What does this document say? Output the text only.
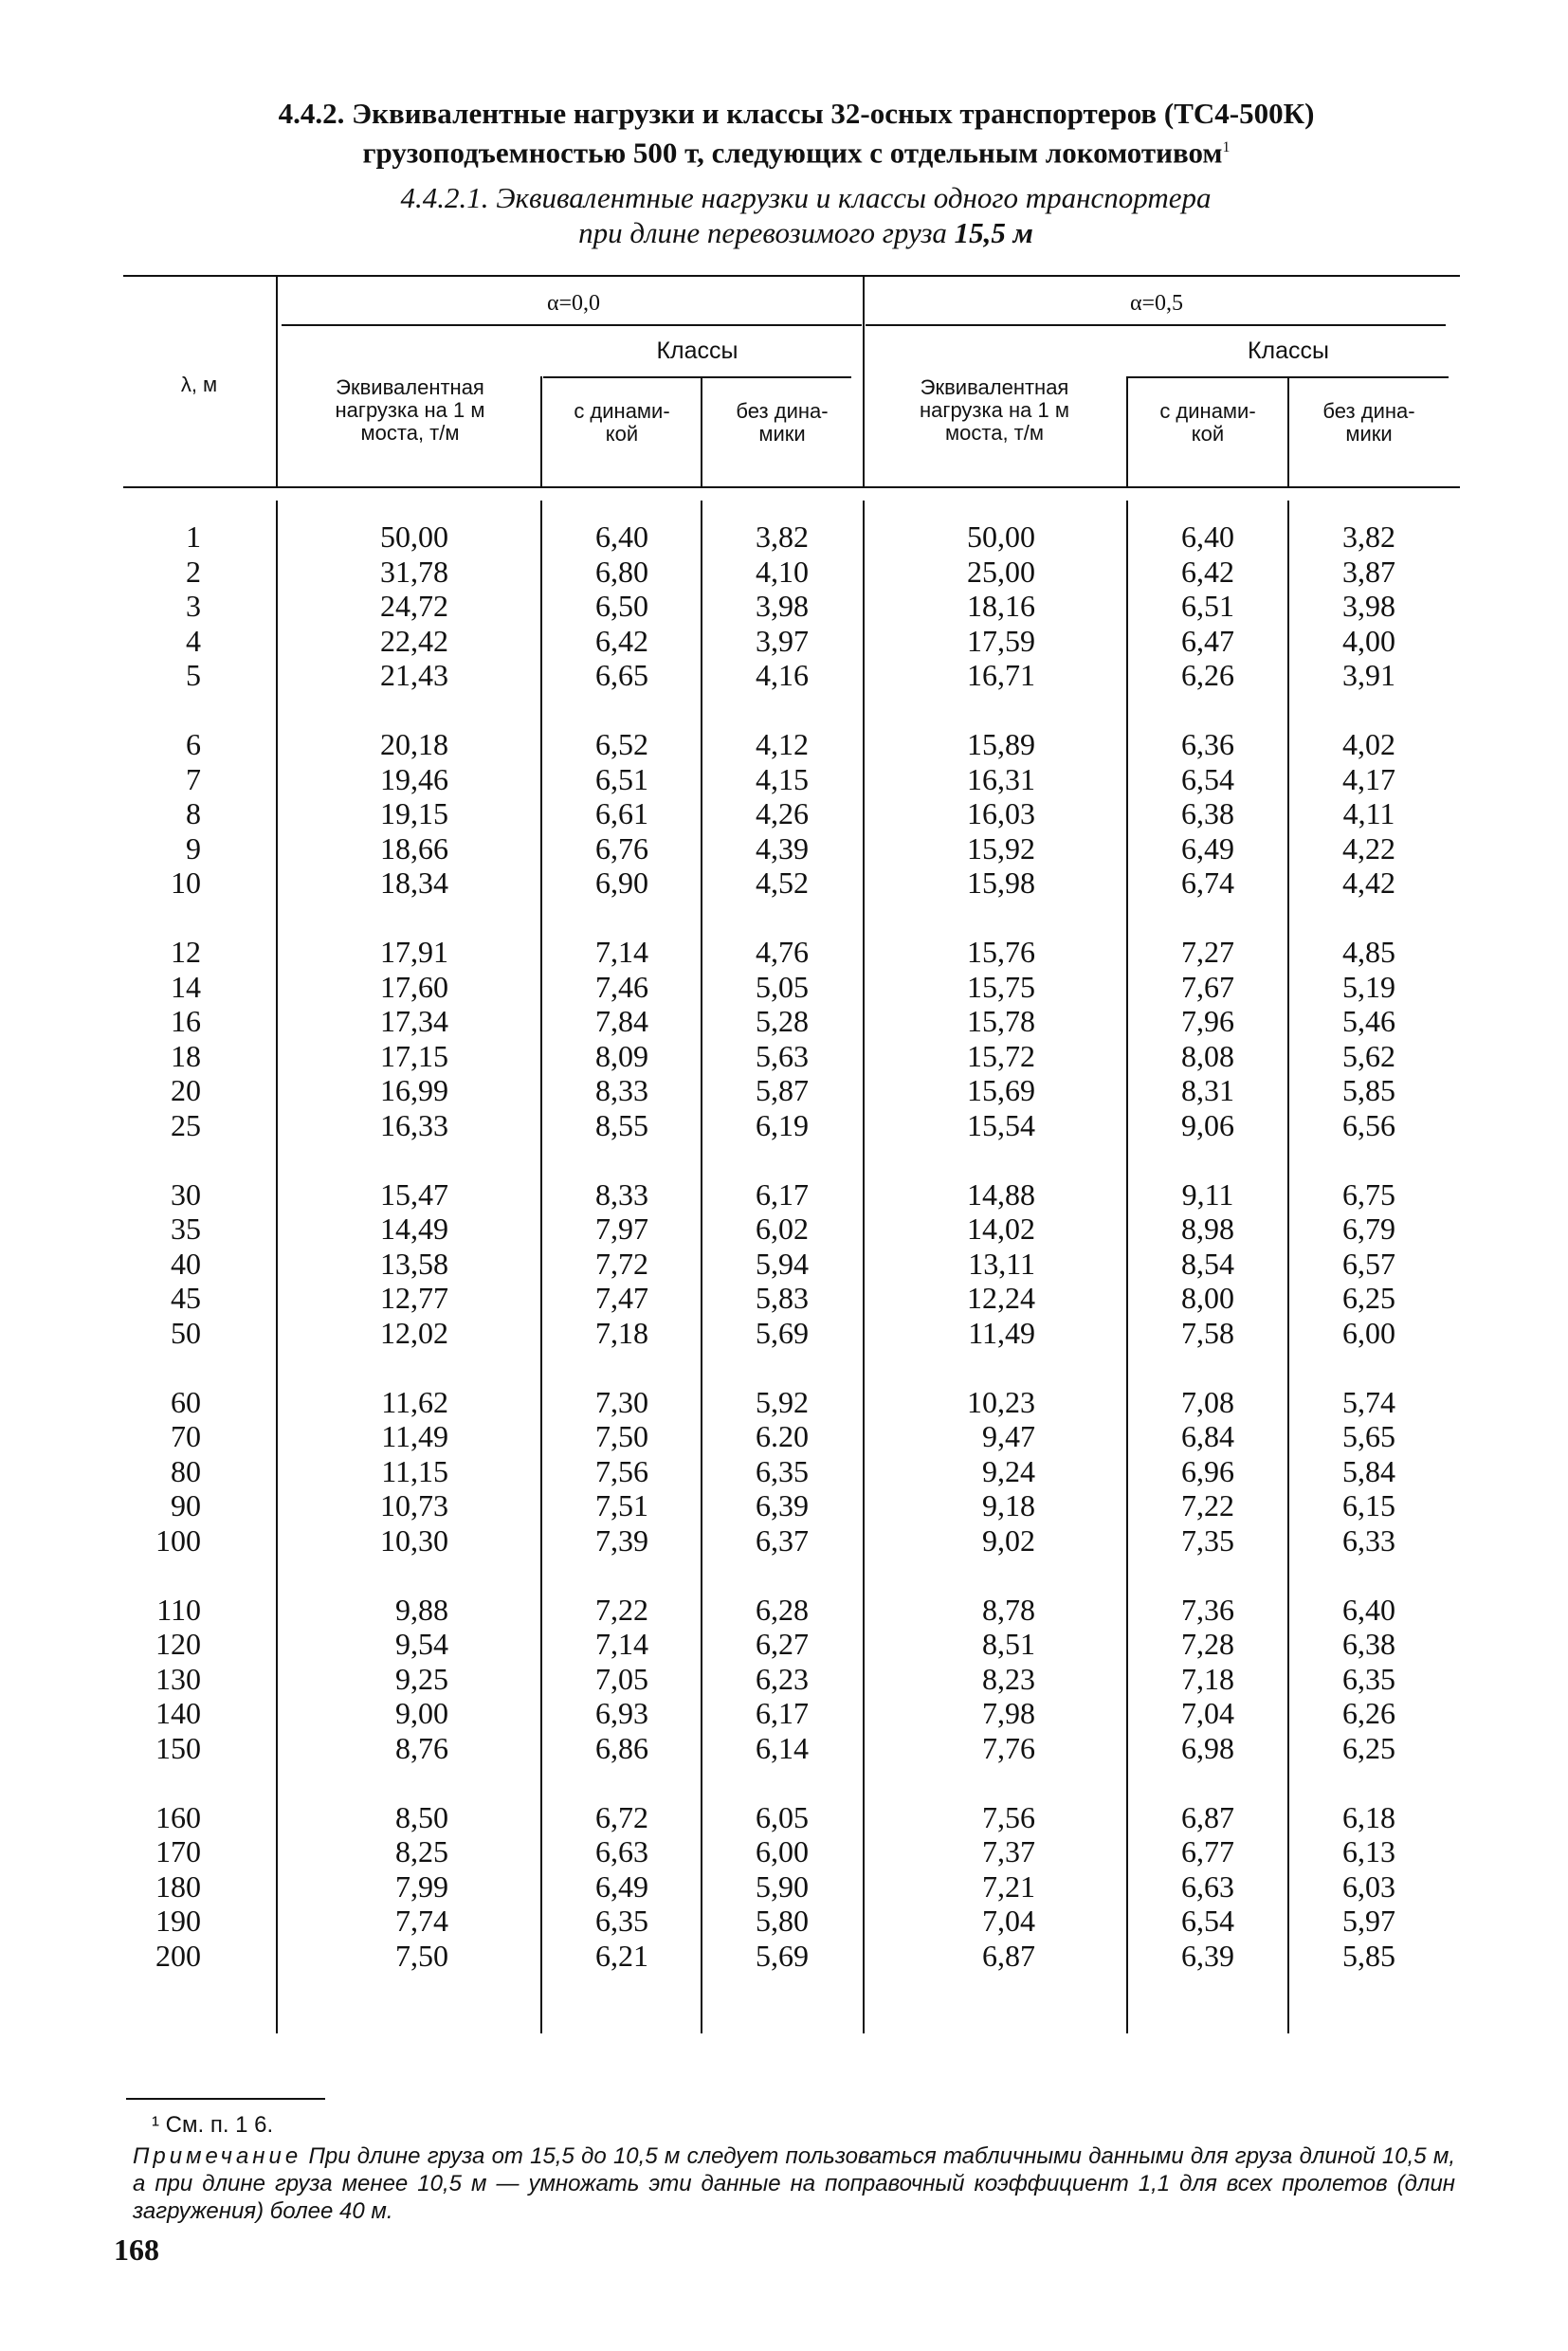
4.4.2. Эквивалентные нагрузки и классы 32-осных транспортеров (ТС4-500К)
грузоподъемностью 500 т, следующих с отдельным локомотивом$^1$
4.4.2.1. Эквивалентные нагрузки и классы одного транспортера
при длине перевозимого груза 15,5 м
λ, м
α=0,0	α=0,5
Эквивалентная
нагрузка на 1 м
моста, т/м
Эквивалентная
нагрузка на 1 м
моста, т/м
Классы	Классы
с динами-
кой
без дина-
мики
с динами-
кой
без дина-
мики
1
2
3
4
5
6
7
8
9
10
12
14
16
18
20
25
30
35
40
45
50
60
70
80
90
100
110
120
130
140
150
160
170
180
190
200
50,00
31,78
24,72
22,42
21,43
20,18
19,46
19,15
18,66
18,34
17,91
17,60
17,34
17,15
16,99
16,33
15,47
14,49
13,58
12,77
12,02
11,62
11,49
11,15
10,73
10,30
9,88
9,54
9,25
9,00
8,76
8,50
8,25
7,99
7,74
7,50
6,40
6,80
6,50
6,42
6,65
6,52
6,51
6,61
6,76
6,90
7,14
7,46
7,84
8,09
8,33
8,55
8,33
7,97
7,72
7,47
7,18
7,30
7,50
7,56
7,51
7,39
7,22
7,14
7,05
6,93
6,86
6,72
6,63
6,49
6,35
6,21
3,82
4,10
3,98
3,97
4,16
4,12
4,15
4,26
4,39
4,52
4,76
5,05
5,28
5,63
5,87
6,19
6,17
6,02
5,94
5,83
5,69
5,92
6.20
6,35
6,39
6,37
6,28
6,27
6,23
6,17
6,14
6,05
6,00
5,90
5,80
5,69
50,00
25,00
18,16
17,59
16,71
15,89
16,31
16,03
15,92
15,98
15,76
15,75
15,78
15,72
15,69
15,54
14,88
14,02
13,11
12,24
11,49
10,23
9,47
9,24
9,18
9,02
8,78
8,51
8,23
7,98
7,76
7,56
7,37
7,21
7,04
6,87
6,40
6,42
6,51
6,47
6,26
6,36
6,54
6,38
6,49
6,74
7,27
7,67
7,96
8,08
8,31
9,06
9,11
8,98
8,54
8,00
7,58
7,08
6,84
6,96
7,22
7,35
7,36
7,28
7,18
7,04
6,98
6,87
6,77
6,63
6,54
6,39
3,82
3,87
3,98
4,00
3,91
4,02
4,17
4,11
4,22
4,42
4,85
5,19
5,46
5,62
5,85
6,56
6,75
6,79
6,57
6,25
6,00
5,74
5,65
5,84
6,15
6,33
6,40
6,38
6,35
6,26
6,25
6,18
6,13
6,03
5,97
5,85
¹ См. п. 1 6.
Примечание При длине груза от 15,5 до 10,5 м следует пользоваться табличными данными для груза длиной 10,5 м, а при длине груза менее 10,5 м — умножать эти данные на поправочный коэффициент 1,1 для всех пролетов (длин загружения) более 40 м.
168
